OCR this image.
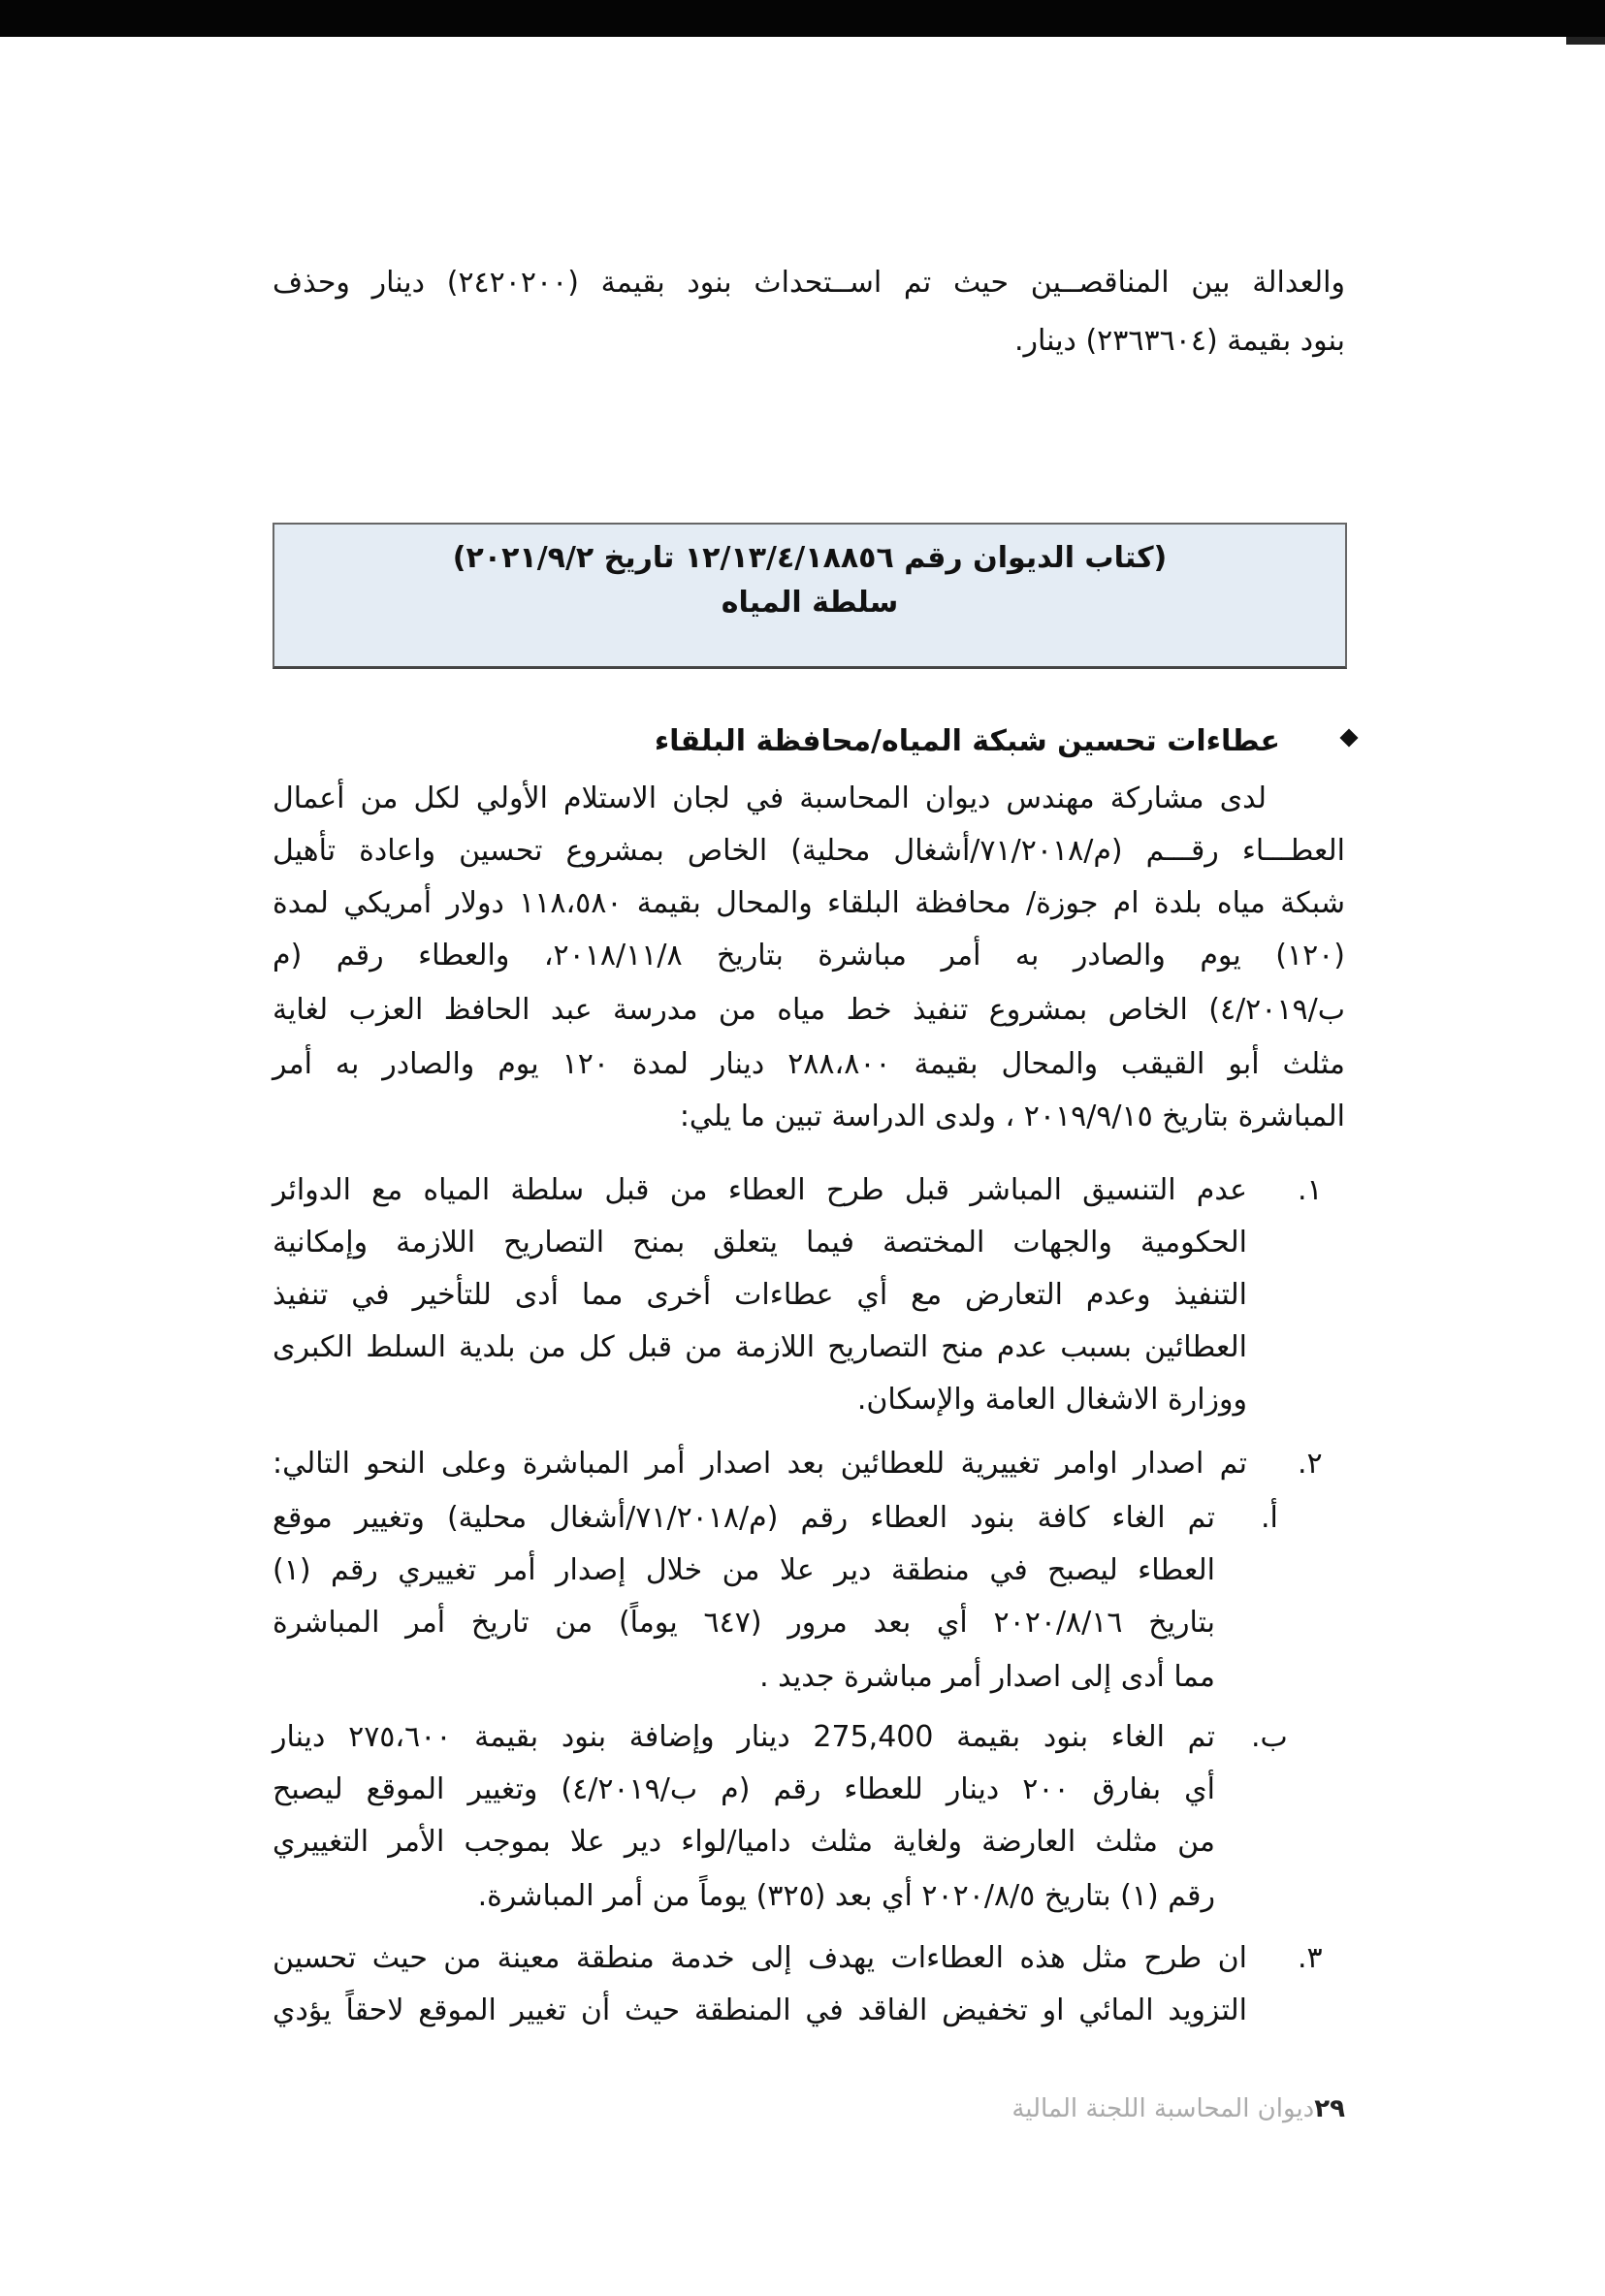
والعدالة بين المناقصــين حيث تم اســتحداث بنود بقيمة (٢٤٢٠٢٠٠) دينار وحذف
بنود بقيمة (٢٣٦٣٦٠٤) دينار.
(كتاب الديوان رقم ١٢/١٣/٤/١٨٨٥٦ تاريخ ٢٠٢١/٩/٢)
سلطة المياه
عطاءات تحسين شبكة المياه/محافظة البلقاء
لدى مشاركة مهندس ديوان المحاسبة في لجان الاستلام الأولي لكل من أعمال
العطـــاء رقـــم (م/٧١/٢٠١٨/أشغال محلية) الخاص بمشروع تحسين واعادة تأهيل
شبكة مياه بلدة ام جوزة/ محافظة البلقاء والمحال بقيمة ١١٨،٥٨٠ دولار أمريكي لمدة
(١٢٠) يوم والصادر به أمر مباشرة بتاريخ ٢٠١٨/١١/٨، والعطاء رقم (م
ب/٤/٢٠١٩) الخاص بمشروع تنفيذ خط مياه من مدرسة عبد الحافظ العزب لغاية
مثلث أبو القيقب والمحال بقيمة ٢٨٨،٨٠٠ دينار لمدة ١٢٠ يوم والصادر به أمر
المباشرة بتاريخ ٢٠١٩/٩/١٥ ، ولدى الدراسة تبين ما يلي:
١.
عدم التنسيق المباشر قبل طرح العطاء من قبل سلطة المياه مع الدوائر
الحكومية والجهات المختصة فيما يتعلق بمنح التصاريح اللازمة وإمكانية
التنفيذ وعدم التعارض مع أي عطاءات أخرى مما أدى للتأخير في تنفيذ
العطائين بسبب عدم منح التصاريح اللازمة من قبل كل من بلدية السلط الكبرى
ووزارة الاشغال العامة والإسكان.
٢.
تم اصدار اوامر تغييرية للعطائين بعد اصدار أمر المباشرة وعلى النحو التالي:
أ.
تم الغاء كافة بنود العطاء رقم (م/٧١/٢٠١٨/أشغال محلية) وتغيير موقع
العطاء ليصبح في منطقة دير علا من خلال إصدار أمر تغييري رقم (١)
بتاريخ ٢٠٢٠/٨/١٦ أي بعد مرور (٦٤٧ يوماً) من تاريخ أمر المباشرة
مما أدى إلى اصدار أمر مباشرة جديد .
ب.
تم الغاء بنود بقيمة 275,400 دينار وإضافة بنود بقيمة ٢٧٥،٦٠٠ دينار
أي بفارق ٢٠٠ دينار للعطاء رقم (م ب/٤/٢٠١٩) وتغيير الموقع ليصبح
من مثلث العارضة ولغاية مثلث داميا/لواء دير علا بموجب الأمر التغييري
رقم (١) بتاريخ ٢٠٢٠/٨/٥ أي بعد (٣٢٥) يوماً من أمر المباشرة.
٣.
ان طرح مثل هذه العطاءات يهدف إلى خدمة منطقة معينة من حيث تحسين
التزويد المائي او تخفيض الفاقد في المنطقة حيث أن تغيير الموقع لاحقاً يؤدي
٢٩ديوان المحاسبة اللجنة المالية
